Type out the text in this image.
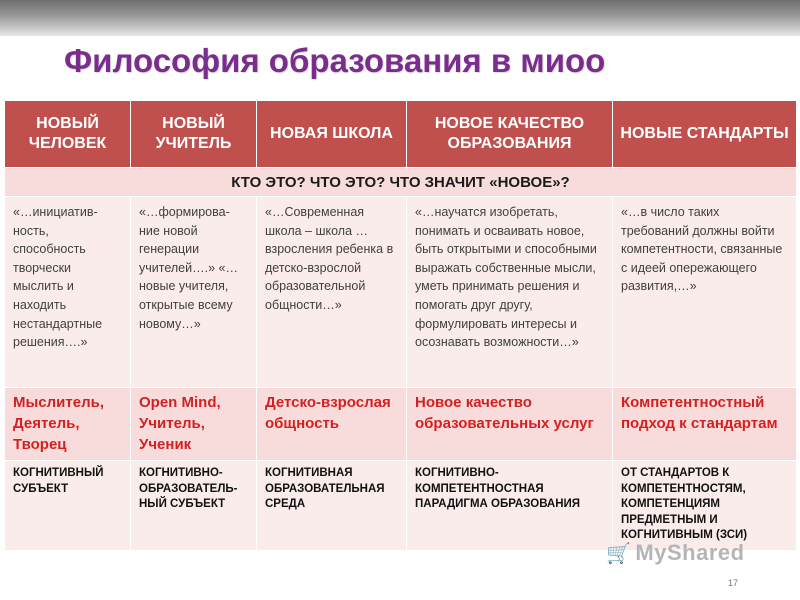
Философия образования в миоо
НОВЫЙ ЧЕЛОВЕК	НОВЫЙ УЧИТЕЛЬ	НОВАЯ ШКОЛА	НОВОЕ КАЧЕСТВО ОБРАЗОВАНИЯ	НОВЫЕ СТАНДАРТЫ
КТО ЭТО? ЧТО ЭТО? ЧТО ЗНАЧИТ «НОВОЕ»?				
«…инициатив-ность, способность творчески мыслить и находить нестандартные решения….»	«…формирова-ние новой генерации учителей….» «… новые учителя, открытые всему новому…»	«…Современная школа – школа … взросления ребенка в детско-взрослой образовательной общности…»	«…научатся изобретать, понимать и осваивать новое, быть открытыми и способными выражать собственные мысли, уметь принимать решения и помогать друг другу, формулировать интересы и осознавать возможности…»	«…в число таких требований должны войти компетентности, связанные с идеей опережающего развития,…»
Мыслитель, Деятель, Творец	Open Mind, Учитель, Ученик	Детско-взрослая общность	Новое качество образовательных услуг	Компетентностный подход к стандартам
КОГНИТИВНЫЙ СУБЪЕКТ	КОГНИТИВНО-ОБРАЗОВАТЕЛЬ-НЫЙ СУБЪЕКТ	КОГНИТИВНАЯ ОБРАЗОВАТЕЛЬНАЯ СРЕДА	КОГНИТИВНО-КОМПЕТЕНТНОСТНАЯ ПАРАДИГМА ОБРАЗОВАНИЯ	ОТ СТАНДАРТОВ К КОМПЕТЕНТНОСТЯМ, КОМПЕТЕНЦИЯМ ПРЕДМЕТНЫМ И КОГНИТИВНЫМ (ЗСИ)
🛒 MyShared
17
